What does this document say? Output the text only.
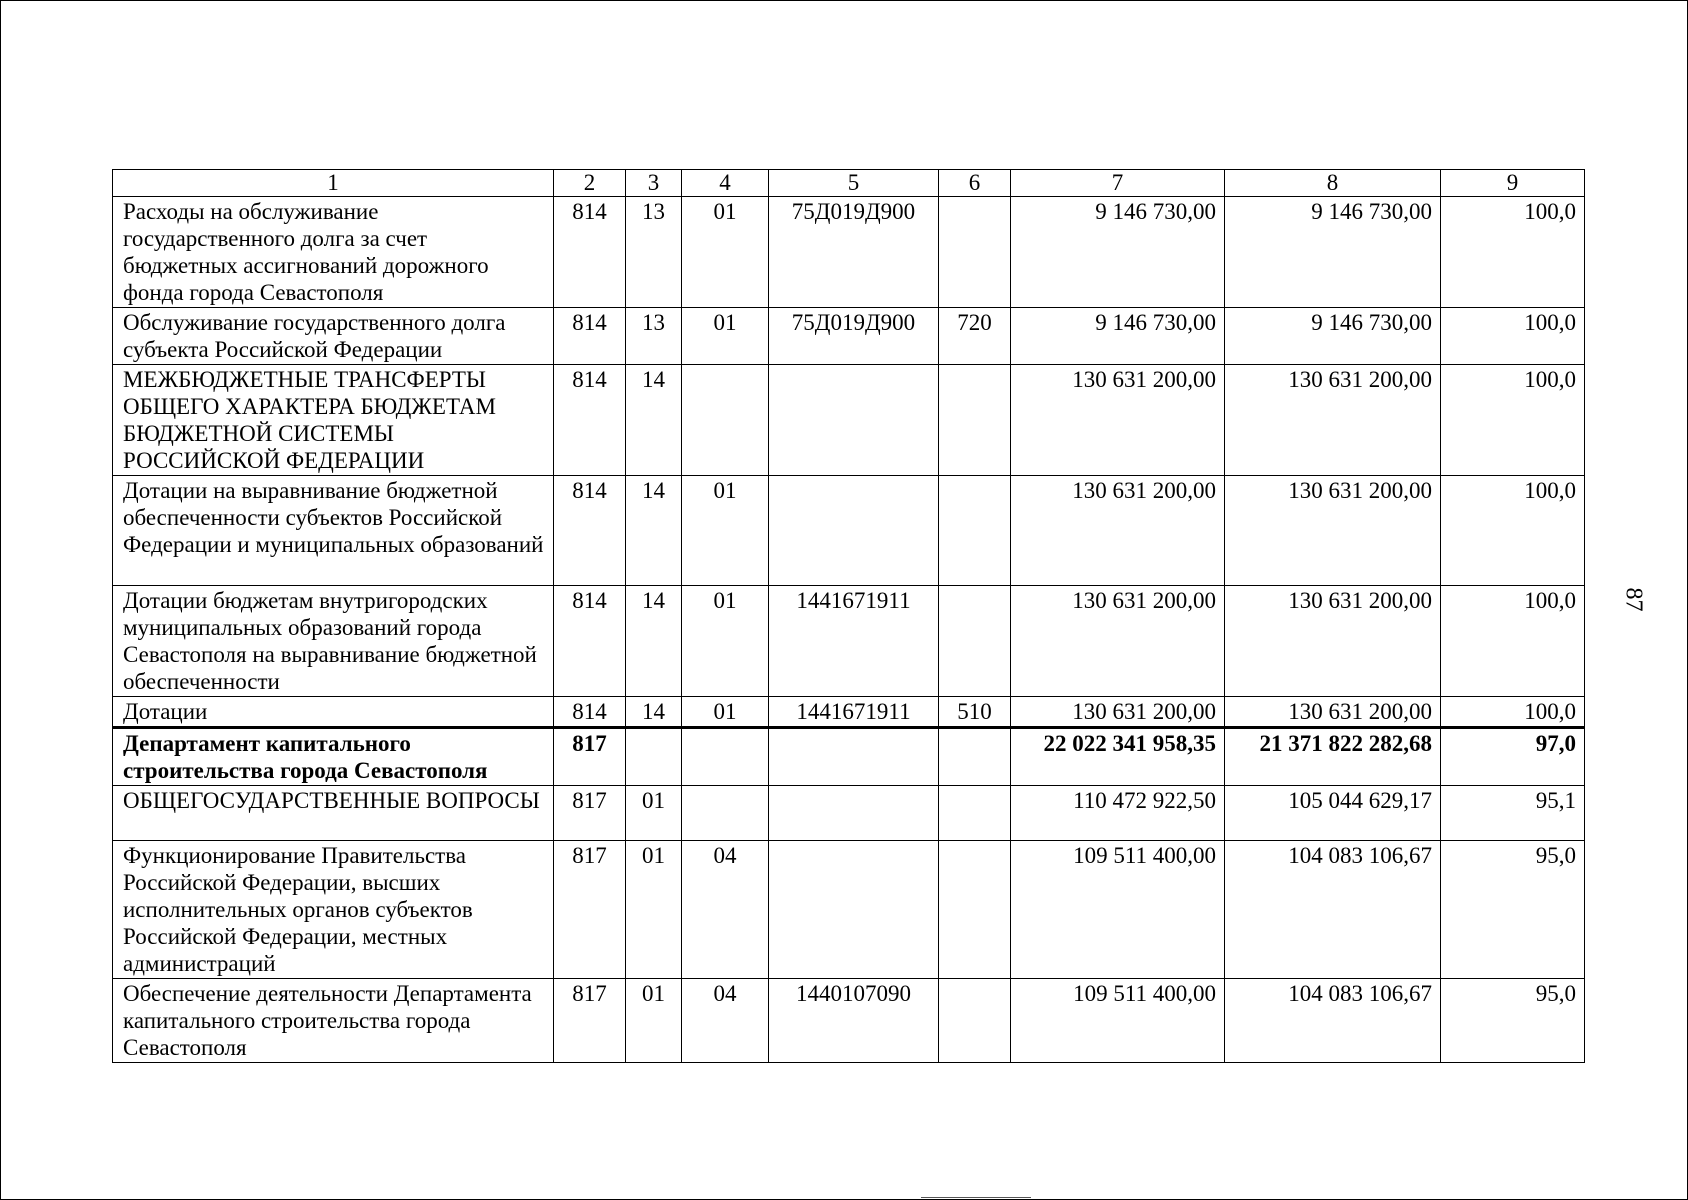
1	2	3	4	5	6	7	8	9
Расходы на обслуживание государственного долга за счет бюджетных ассигнований дорожного фонда города Севастополя	814	13	01	75Д019Д900		9 146 730,00	9 146 730,00	100,0
Обслуживание государственного долга субъекта Российской Федерации	814	13	01	75Д019Д900	720	9 146 730,00	9 146 730,00	100,0
МЕЖБЮДЖЕТНЫЕ ТРАНСФЕРТЫ ОБЩЕГО ХАРАКТЕРА БЮДЖЕТАМ БЮДЖЕТНОЙ СИСТЕМЫ РОССИЙСКОЙ ФЕДЕРАЦИИ	814	14				130 631 200,00	130 631 200,00	100,0
Дотации на выравнивание бюджетной обеспеченности субъектов Российской Федерации и муниципальных образований	814	14	01			130 631 200,00	130 631 200,00	100,0
Дотации бюджетам внутригородских муниципальных образований города Севастополя на выравнивание бюджетной обеспеченности	814	14	01	1441671911		130 631 200,00	130 631 200,00	100,0
Дотации	814	14	01	1441671911	510	130 631 200,00	130 631 200,00	100,0
Департамент капитального строительства города Севастополя	817					22 022 341 958,35	21 371 822 282,68	97,0
ОБЩЕГОСУДАРСТВЕННЫЕ ВОПРОСЫ	817	01				110 472 922,50	105 044 629,17	95,1
Функционирование Правительства Российской Федерации, высших исполнительных органов субъектов Российской Федерации, местных администраций	817	01	04			109 511 400,00	104 083 106,67	95,0
Обеспечение деятельности Департамента капитального строительства города Севастополя	817	01	04	1440107090		109 511 400,00	104 083 106,67	95,0
87
